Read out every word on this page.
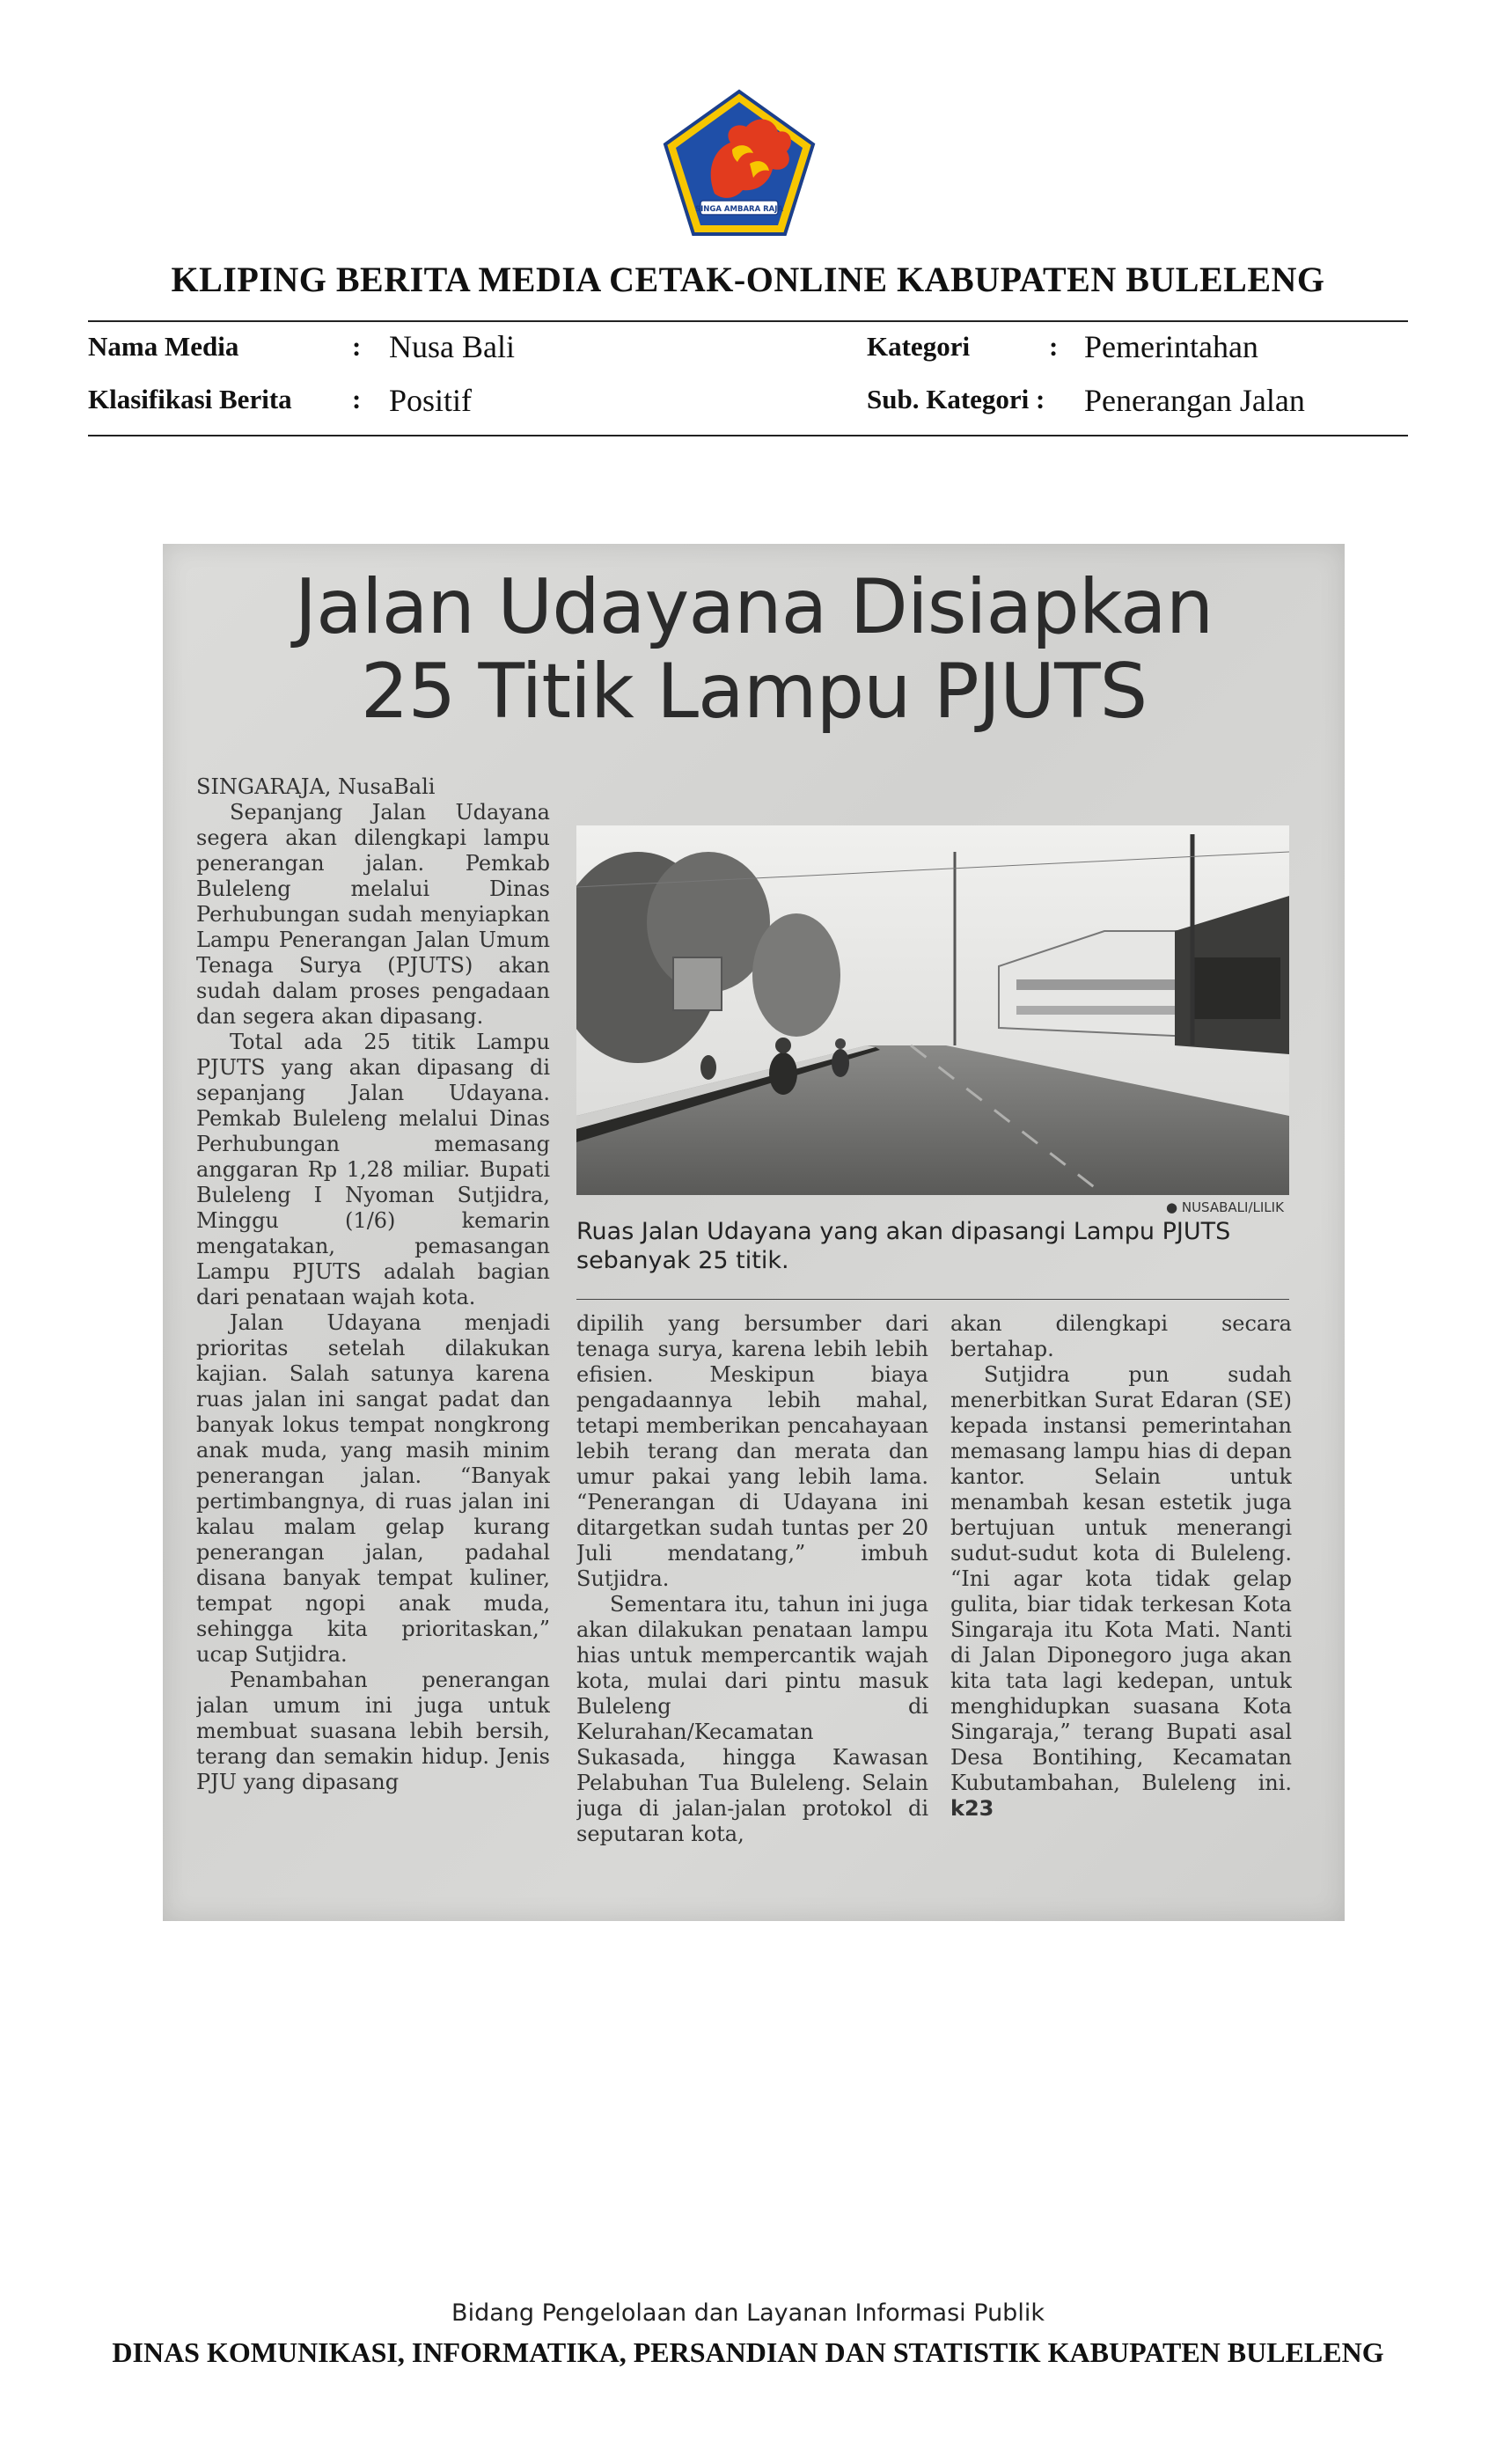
SINGA AMBARA RAJA
KLIPING BERITA MEDIA CETAK-ONLINE KABUPATEN BULELENG
Nama Media	: Nusa Bali	Kategori	: Pemerintahan
Klasifikasi Berita : Positif	Sub. Kategori : Penerangan Jalan
Jalan Udayana Disiapkan
25 Titik Lampu PJUTS

SINGARAJA, NusaBali

Sepanjang Jalan Udayana segera akan dilengkapi lampu penerangan jalan. Pemkab Buleleng melalui Dinas Perhubungan sudah menyiapkan Lampu Penerangan Jalan Umum Tenaga Surya (PJUTS) akan sudah dalam proses pengadaan dan segera akan dipasang.

Total ada 25 titik Lampu PJUTS yang akan dipasang di sepanjang Jalan Udayana. Pemkab Buleleng melalui Dinas Perhubungan memasang anggaran Rp 1,28 miliar. Bupati Buleleng I Nyoman Sutjidra, Minggu (1/6) kemarin mengatakan, pemasangan Lampu PJUTS adalah bagian dari penataan wajah kota.

Jalan Udayana menjadi prioritas setelah dilakukan kajian. Salah satunya karena ruas jalan ini sangat padat dan banyak lokus tempat nongkrong anak muda, yang masih minim penerangan jalan. “Banyak pertimbangnya, di ruas jalan ini kalau malam gelap kurang penerangan jalan, padahal disana banyak tempat kuliner, tempat ngopi anak muda, sehingga kita prioritaskan,” ucap Sutjidra.

Penambahan penerangan jalan umum ini juga untuk membuat suasana lebih bersih, terang dan semakin hidup. Jenis PJU yang dipasang

● NUSABALI/LILIK
Ruas Jalan Udayana yang akan dipasangi Lampu PJUTS sebanyak 25 titik.

dipilih yang bersumber dari tenaga surya, karena lebih lebih efisien. Meskipun biaya pengadaannya lebih mahal, tetapi memberikan pencahayaan lebih terang dan merata dan umur pakai yang lebih lama. “Penerangan di Udayana ini ditargetkan sudah tuntas per 20 Juli mendatang,” imbuh Sutjidra.

Sementara itu, tahun ini juga akan dilakukan penataan lampu hias untuk mempercantik wajah kota, mulai dari pintu masuk Buleleng di Kelurahan/Kecamatan Sukasada, hingga Kawasan Pelabuhan Tua Buleleng. Selain juga di jalan-jalan protokol di seputaran kota,

akan dilengkapi secara bertahap.

Sutjidra pun sudah menerbitkan Surat Edaran (SE) kepada instansi pemerintahan memasang lampu hias di depan kantor. Selain untuk menambah kesan estetik juga bertujuan untuk menerangi sudut-sudut kota di Buleleng. “Ini agar kota tidak gelap gulita, biar tidak terkesan Kota Singaraja itu Kota Mati. Nanti di Jalan Diponegoro juga akan kita tata lagi kedepan, untuk menghidupkan suasana Kota Singaraja,” terang Bupati asal Desa Bontihing, Kecamatan Kubutambahan, Buleleng ini. k23

Bidang Pengelolaan dan Layanan Informasi Publik
DINAS KOMUNIKASI, INFORMATIKA, PERSANDIAN DAN STATISTIK KABUPATEN BULELENG
